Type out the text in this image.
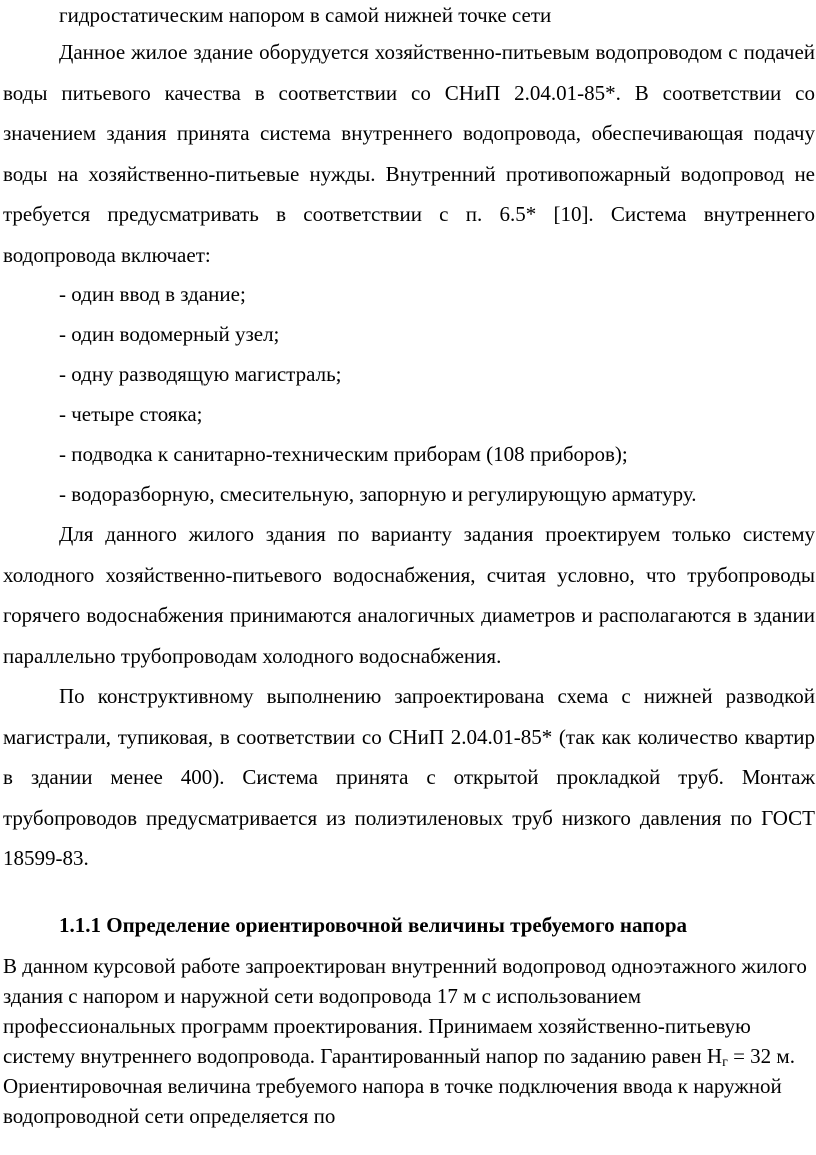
гидростатическим напором в самой нижней точке сети

Данное жилое здание оборудуется хозяйственно-питьевым водопроводом с подачей воды питьевого качества в соответствии со СНиП 2.04.01-85*. В соответствии со значением здания принята система внутреннего водопровода, обеспечивающая подачу воды на хозяйственно-питьевые нужды. Внутренний противопожарный водопровод не требуется предусматривать в соответствии с п. 6.5* [10]. Система внутреннего водопровода включает:

- один ввод в здание;

- один водомерный узел;

- одну разводящую магистраль;

- четыре стояка;

- подводка к санитарно-техническим приборам (108 приборов);

- водоразборную, смесительную, запорную и регулирующую арматуру.

Для данного жилого здания по варианту задания проектируем только систему холодного хозяйственно-питьевого водоснабжения, считая условно, что трубопроводы горячего водоснабжения принимаются аналогичных диаметров и располагаются в здании параллельно трубопроводам холодного водоснабжения.

По конструктивному выполнению запроектирована схема с нижней разводкой магистрали, тупиковая, в соответствии со СНиП 2.04.01-85* (так как количество квартир в здании менее 400). Система принята с открытой прокладкой труб. Монтаж трубопроводов предусматривается из полиэтиленовых труб низкого давления по ГОСТ 18599-83.

1.1.1 Определение ориентировочной величины требуемого напора

В данном курсовой работе запроектирован внутренний водопровод одноэтажного жилого здания с напором и наружной сети водопровода 17 м с использованием профессиональных программ проектирования. Принимаем хозяйственно-питьевую систему внутреннего водопровода. Гарантированный напор по заданию равен $Н_г = 32$ м. Ориентировочная величина требуемого напора в точке подключения ввода к наружной водопроводной сети определяется по
